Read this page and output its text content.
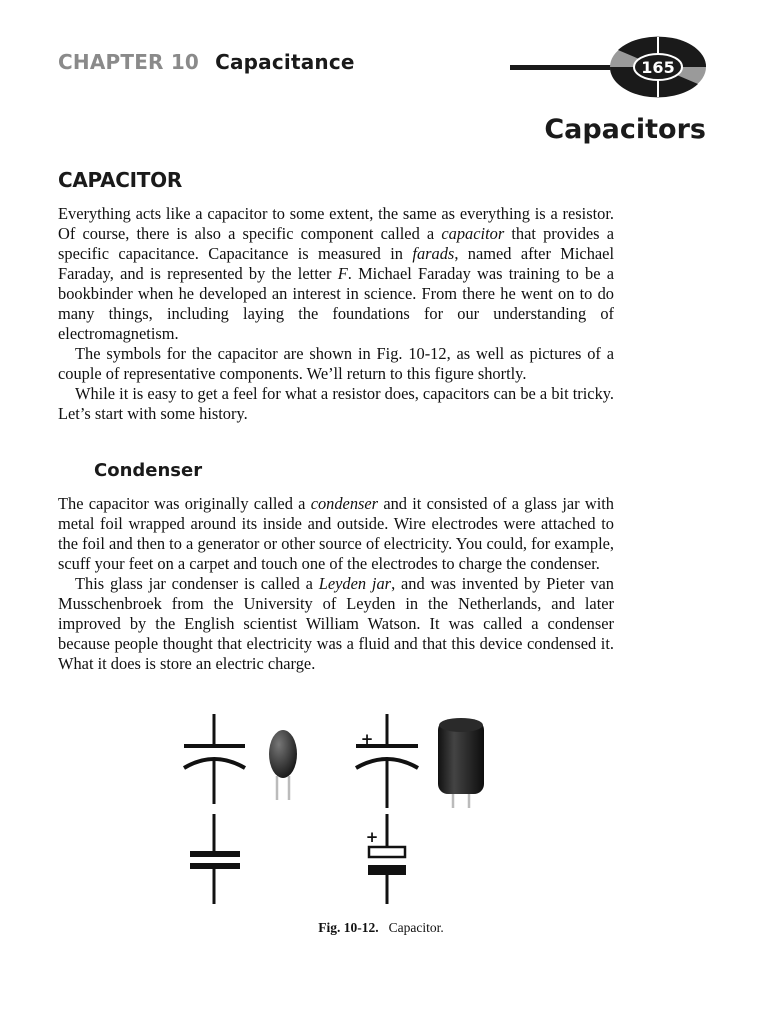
CHAPTER 10 Capacitance	165
Capacitors
CAPACITOR

Everything acts like a capacitor to some extent, the same as everything is a resistor. Of course, there is also a specific component called a capacitor that provides a specific capacitance. Capacitance is measured in farads, named after Michael Faraday, and is represented by the letter F. Michael Faraday was training to be a bookbinder when he developed an interest in science. From there he went on to do many things, including laying the foundations for our understanding of electromagnetism.

The symbols for the capacitor are shown in Fig. 10-12, as well as pictures of a couple of representative components. We’ll return to this figure shortly.

While it is easy to get a feel for what a resistor does, capacitors can be a bit tricky. Let’s start with some history.

Condenser

The capacitor was originally called a condenser and it consisted of a glass jar with metal foil wrapped around its inside and outside. Wire electrodes were attached to the foil and then to a generator or other source of electricity. You could, for example, scuff your feet on a carpet and touch one of the electrodes to charge the condenser.

This glass jar condenser is called a Leyden jar, and was invented by Pieter van Musschenbroek from the University of Leyden in the Netherlands, and later improved by the English scientist William Watson. It was called a condenser because people thought that electricity was a fluid and that this device condensed it. What it does is store an electric charge.

+
+
Fig. 10-12. Capacitor.
